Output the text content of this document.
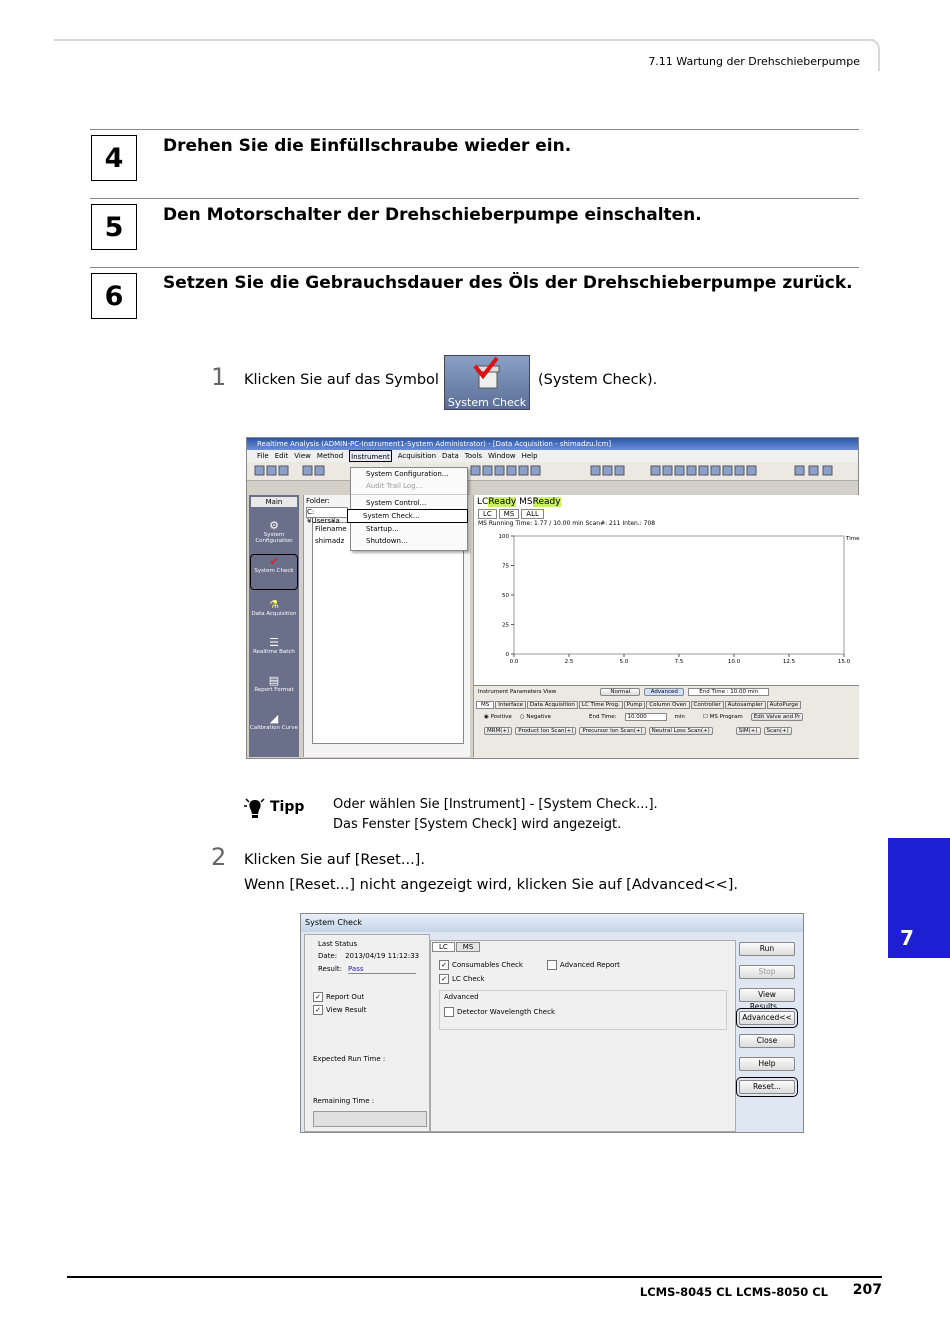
7.11 Wartung der Drehschieberpumpe
4	Drehen Sie die Einfüllschraube wieder ein.
5	Den Motorschalter der Drehschieberpumpe einschalten.
6	Setzen Sie die Gebrauchsdauer des Öls der Drehschieberpumpe zurück.
1 Klicken Sie auf das Symbol
System Check
(System Check).
Realtime Analysis (ADMIN-PC-Instrument1-System Administrator) - [Data Acquisition - shimadzu.lcm]
File Edit View Method Instrument Acquisition Data Tools Window Help
Main
⚙
System Configuration
✔
System Check
⚗
Data Acquisition
☰
Realtime Batch
▤
Report Format
◢
Calibration Curve
Folder:
C:¥Users¥a
Filename
shimadz
System Configuration...
Audit Trail Log...
System Control...
System Check...
Startup...
Shutdown...
LCReady MSReady
LC	MS	ALL
MS Running Time: 1.77 / 10.00 min Scan#: 211 Inten.: 708
100
75
50
25
0
0.0	2.5	5.0	7.5	10.0	12.5	15.0
Time
Instrument Parameters View	Normal	Advanced	End Time : 10.00 min
MS	Interface	Data Acquisition	LC Time Prog.	Pump	Column Oven	Controller	Autosampler	AutoPurge
◉ Positive ○ Negative	End Time:	10.000	min	☐ MS Program	Edit Valve and Pr
MRM(+)	Product Ion Scan(+)	Precursor Ion Scan(+)	Neutral Loss Scan(+)	SIM(+)	Scan(+)
Tipp Oder wählen Sie [Instrument] - [System Check...].
Das Fenster [System Check] wird angezeigt.
2 Klicken Sie auf [Reset...].
Wenn [Reset...] nicht angezeigt wird, klicken Sie auf [Advanced<<].
System Check
Last Status
Date: 2013/04/19 11:12:33
Result: Pass
✓ Report Out
✓ View Result
Expected Run Time :
Remaining Time :
LC	MS
✓ Consumables Check	Advanced Report
✓ LC Check
Advanced
Detector Wavelength Check
Run
Stop
View Results...
Advanced<<
Close
Help
Reset...
7
LCMS-8045 CL LCMS-8050 CL 207
